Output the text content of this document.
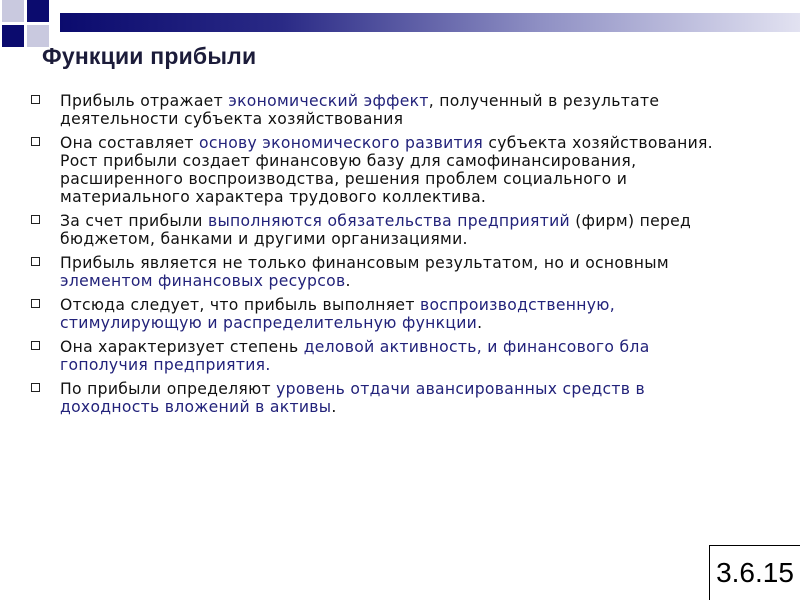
Функции прибыли
Прибыль отражает экономический эффект, полученный в результате деятельности субъекта хозяйствования
Она составляет основу экономического развития субъекта хозяйствования. Рост прибыли создает финансовую базу для самофинансирования, расширенного воспроизводства, решения проблем социального и материального характера трудового коллектива.
За счет прибыли выполняются обязательства предприятий (фирм) перед бюджетом, банками и другими организациями.
Прибыль является не только финансовым результатом, но и основным элементом финансовых ресурсов.
Отсюда следует, что прибыль выполняет воспроизводственную, стимулирующую и распределительную функции.
Она характеризует степень деловой активность, и финансового бла гополучия предприятия.
По прибыли определяют уровень отдачи авансированных средств в доходность вложений в активы.
3.6.15
